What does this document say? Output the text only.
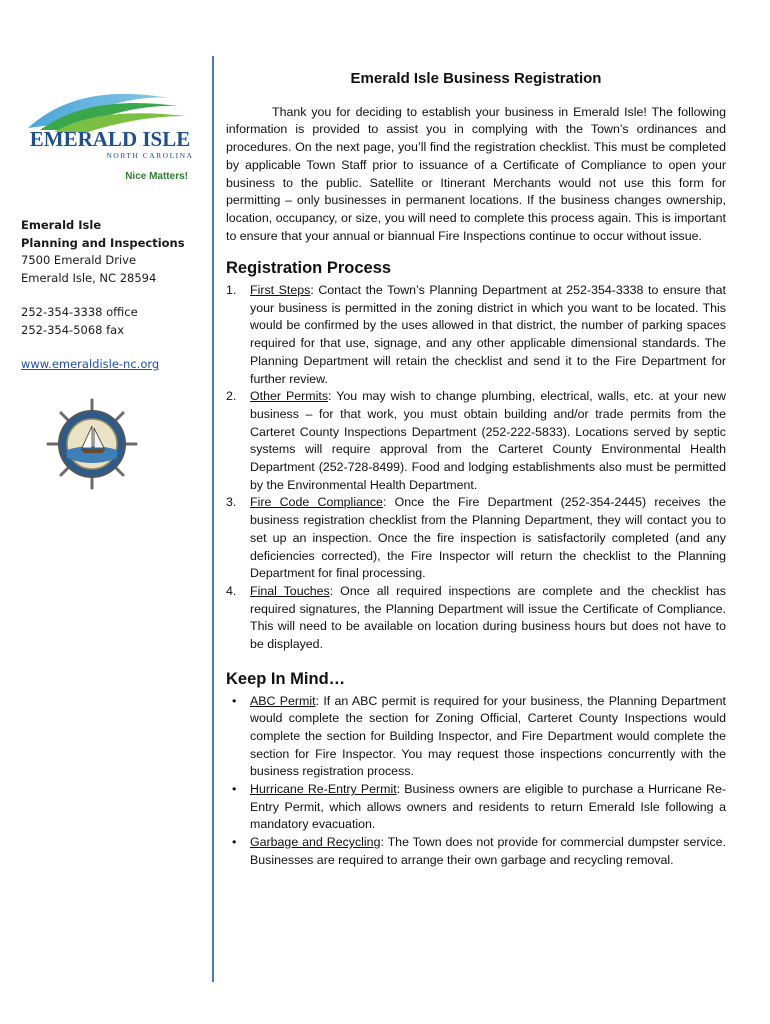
EMERALD ISLE
NORTH CAROLINA
Nice Matters!
Emerald Isle
Planning and Inspections
7500 Emerald Drive
Emerald Isle, NC 28594
252-354-3338 office
252-354-5068 fax
www.emeraldisle-nc.org
Emerald Isle Business Registration

Thank you for deciding to establish your business in Emerald Isle! The following information is provided to assist you in complying with the Town’s ordinances and procedures. On the next page, you’ll find the registration checklist. This must be completed by applicable Town Staff prior to issuance of a Certificate of Compliance to open your business to the public. Satellite or Itinerant Merchants would not use this form for permitting – only businesses in permanent locations. If the business changes ownership, location, occupancy, or size, you will need to complete this process again. This is important to ensure that your annual or biannual Fire Inspections continue to occur without issue.

Registration Process
1. First Steps: Contact the Town’s Planning Department at 252-354-3338 to ensure that your business is permitted in the zoning district in which you want to be located. This would be confirmed by the uses allowed in that district, the number of parking spaces required for that use, signage, and any other applicable dimensional standards. The Planning Department will retain the checklist and send it to the Fire Department for further review.
2. Other Permits: You may wish to change plumbing, electrical, walls, etc. at your new business – for that work, you must obtain building and/or trade permits from the Carteret County Inspections Department (252-222-5833). Locations served by septic systems will require approval from the Carteret County Environmental Health Department (252-728-8499). Food and lodging establishments also must be permitted by the Environmental Health Department.
3. Fire Code Compliance: Once the Fire Department (252-354-2445) receives the business registration checklist from the Planning Department, they will contact you to set up an inspection. Once the fire inspection is satisfactorily completed (and any deficiencies corrected), the Fire Inspector will return the checklist to the Planning Department for final processing.
4. Final Touches: Once all required inspections are complete and the checklist has required signatures, the Planning Department will issue the Certificate of Compliance. This will need to be available on location during business hours but does not have to be displayed.
Keep In Mind…
• ABC Permit: If an ABC permit is required for your business, the Planning Department would complete the section for Zoning Official, Carteret County Inspections would complete the section for Building Inspector, and Fire Department would complete the section for Fire Inspector. You may request those inspections concurrently with the business registration process.
• Hurricane Re-Entry Permit: Business owners are eligible to purchase a Hurricane Re-Entry Permit, which allows owners and residents to return Emerald Isle following a mandatory evacuation.
• Garbage and Recycling: The Town does not provide for commercial dumpster service. Businesses are required to arrange their own garbage and recycling removal.
